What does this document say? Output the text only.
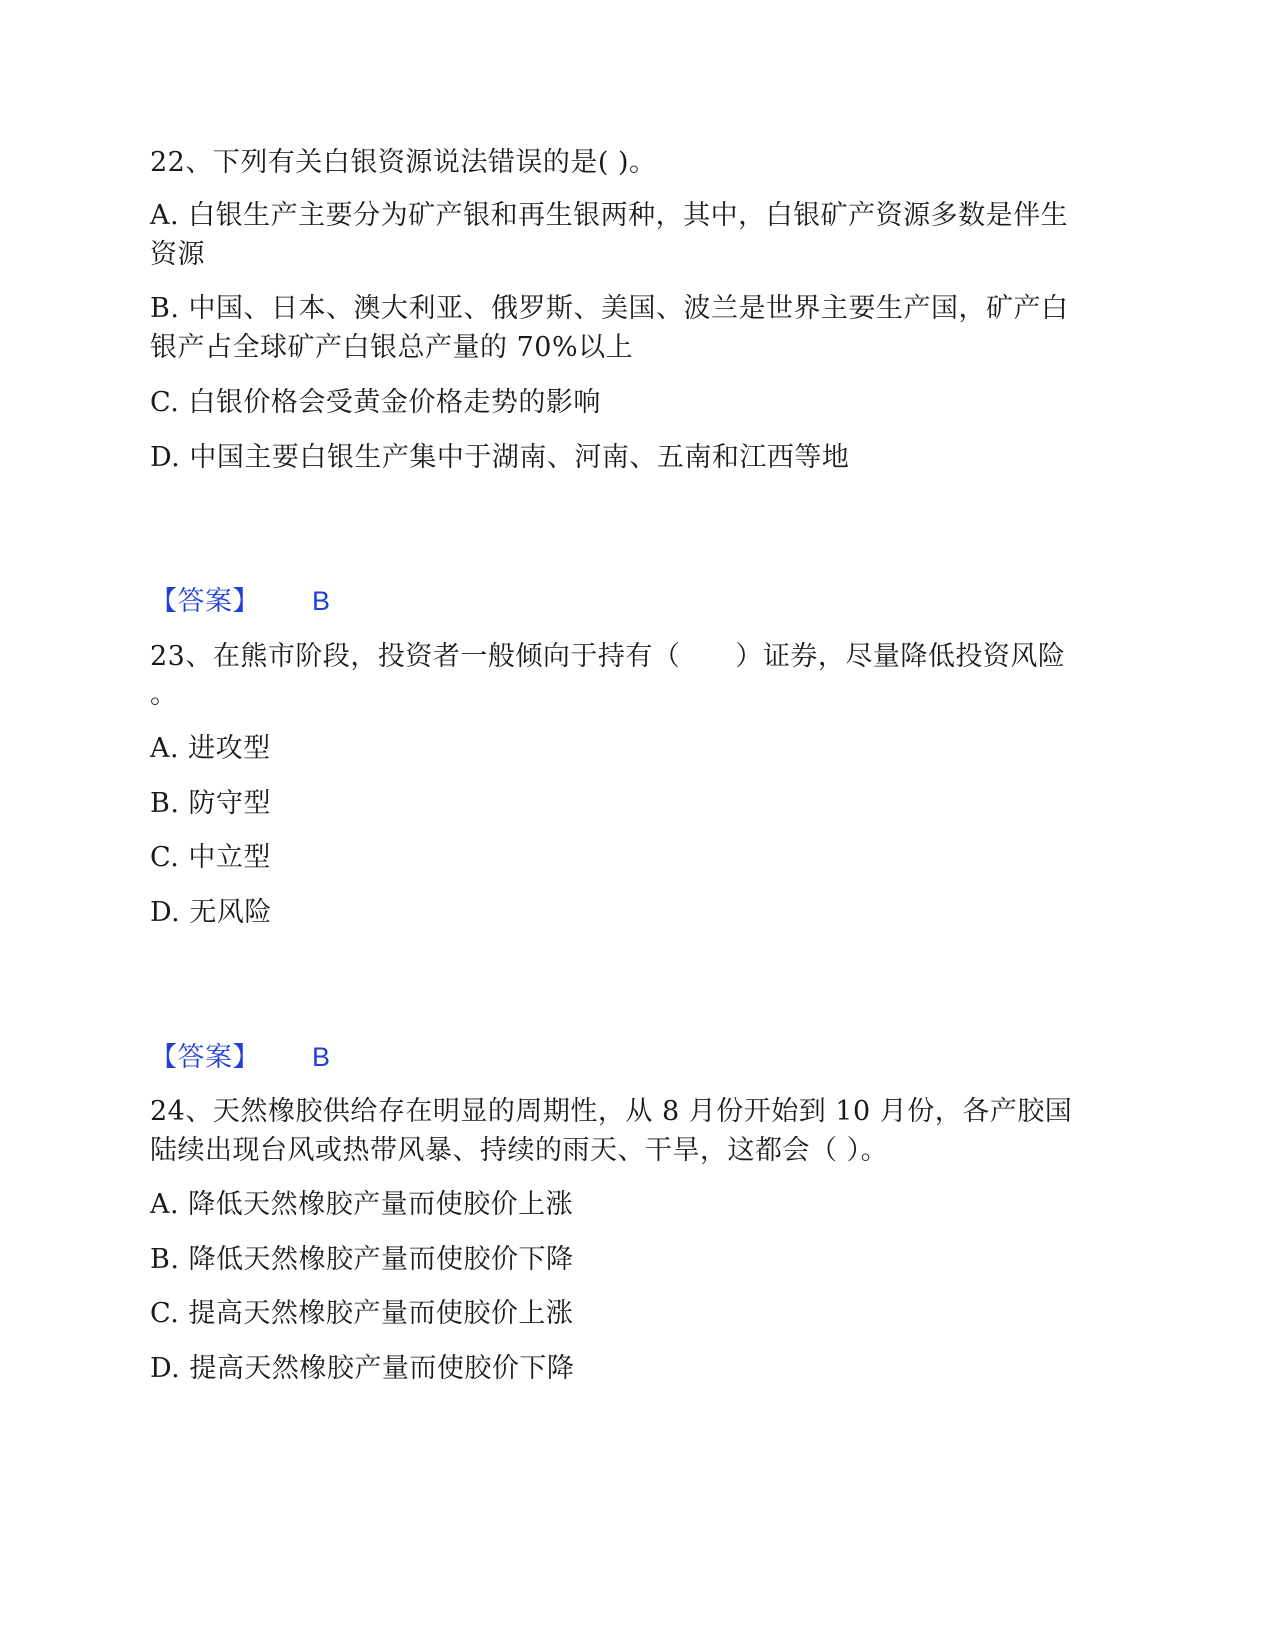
22、下列有关白银资源说法错误的是( )。
A. 白银生产主要分为矿产银和再生银两种，其中，白银矿产资源多数是伴生
资源
B. 中国、日本、澳大利亚、俄罗斯、美国、波兰是世界主要生产国，矿产白
银产占全球矿产白银总产量的 70%以上
C. 白银价格会受黄金价格走势的影响
D. 中国主要白银生产集中于湖南、河南、五南和江西等地
【答案】 B
23、在熊市阶段，投资者一般倾向于持有（　　）证券，尽量降低投资风险
。
A. 进攻型
B. 防守型
C. 中立型
D. 无风险
【答案】 B
24、天然橡胶供给存在明显的周期性，从 8 月份开始到 10 月份，各产胶国
陆续出现台风或热带风暴、持续的雨天、干旱，这都会（ ）。
A. 降低天然橡胶产量而使胶价上涨
B. 降低天然橡胶产量而使胶价下降
C. 提高天然橡胶产量而使胶价上涨
D. 提高天然橡胶产量而使胶价下降
